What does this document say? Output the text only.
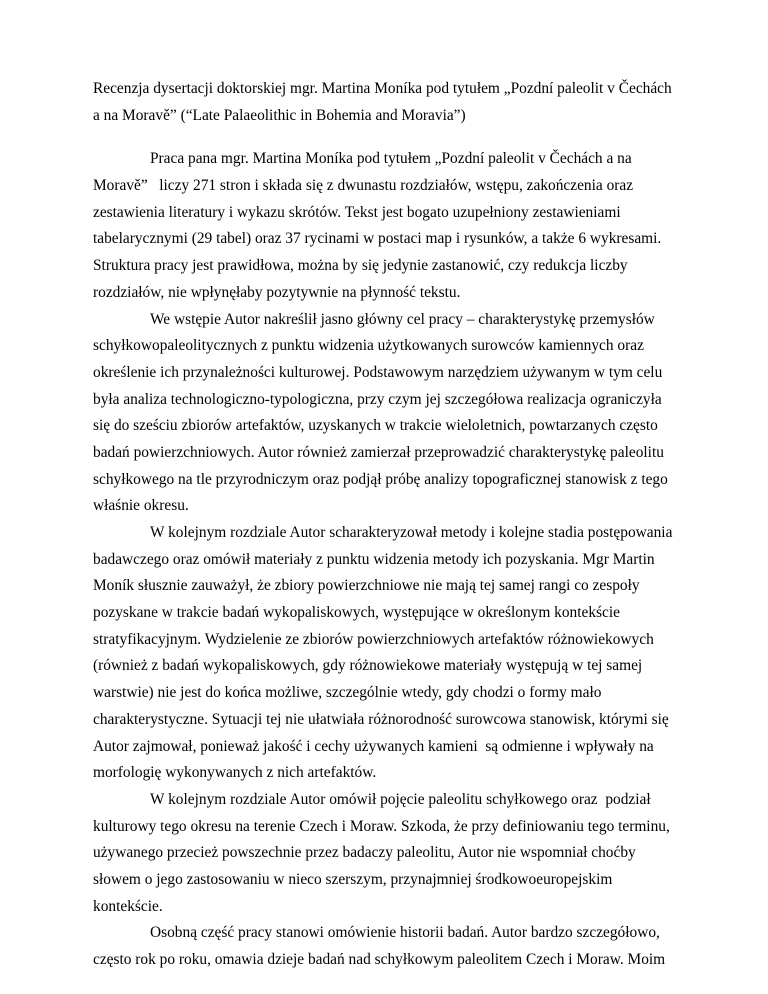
Recenzja dysertacji doktorskiej mgr. Martina Moníka pod tytułem „Pozdní paleolit v Čechách
a na Moravě” (“Late Palaeolithic in Bohemia and Moravia”)
Praca pana mgr. Martina Moníka pod tytułem „Pozdní paleolit v Čechách a na
Moravě”   liczy 271 stron i składa się z dwunastu rozdziałów, wstępu, zakończenia oraz
zestawienia literatury i wykazu skrótów. Tekst jest bogato uzupełniony zestawieniami
tabelarycznymi (29 tabel) oraz 37 rycinami w postaci map i rysunków, a także 6 wykresami.
Struktura pracy jest prawidłowa, można by się jedynie zastanowić, czy redukcja liczby
rozdziałów, nie wpłynęłaby pozytywnie na płynność tekstu.
We wstępie Autor nakreślił jasno główny cel pracy – charakterystykę przemysłów
schyłkowopaleolitycznych z punktu widzenia użytkowanych surowców kamiennych oraz
określenie ich przynależności kulturowej. Podstawowym narzędziem używanym w tym celu
była analiza technologiczno-typologiczna, przy czym jej szczegółowa realizacja ograniczyła
się do sześciu zbiorów artefaktów, uzyskanych w trakcie wieloletnich, powtarzanych często
badań powierzchniowych. Autor również zamierzał przeprowadzić charakterystykę paleolitu
schyłkowego na tle przyrodniczym oraz podjął próbę analizy topograficznej stanowisk z tego
właśnie okresu.
W kolejnym rozdziale Autor scharakteryzował metody i kolejne stadia postępowania
badawczego oraz omówił materiały z punktu widzenia metody ich pozyskania. Mgr Martin
Moník słusznie zauważył, że zbiory powierzchniowe nie mają tej samej rangi co zespoły
pozyskane w trakcie badań wykopaliskowych, występujące w określonym kontekście
stratyfikacyjnym. Wydzielenie ze zbiorów powierzchniowych artefaktów różnowiekowych
(również z badań wykopaliskowych, gdy różnowiekowe materiały występują w tej samej
warstwie) nie jest do końca możliwe, szczególnie wtedy, gdy chodzi o formy mało
charakterystyczne. Sytuacji tej nie ułatwiała różnorodność surowcowa stanowisk, którymi się
Autor zajmował, ponieważ jakość i cechy używanych kamieni  są odmienne i wpływały na
morfologię wykonywanych z nich artefaktów.
W kolejnym rozdziale Autor omówił pojęcie paleolitu schyłkowego oraz  podział
kulturowy tego okresu na terenie Czech i Moraw. Szkoda, że przy definiowaniu tego terminu,
używanego przecież powszechnie przez badaczy paleolitu, Autor nie wspomniał choćby
słowem o jego zastosowaniu w nieco szerszym, przynajmniej środkowoeuropejskim
kontekście.
Osobną część pracy stanowi omówienie historii badań. Autor bardzo szczegółowo,
często rok po roku, omawia dzieje badań nad schyłkowym paleolitem Czech i Moraw. Moim
